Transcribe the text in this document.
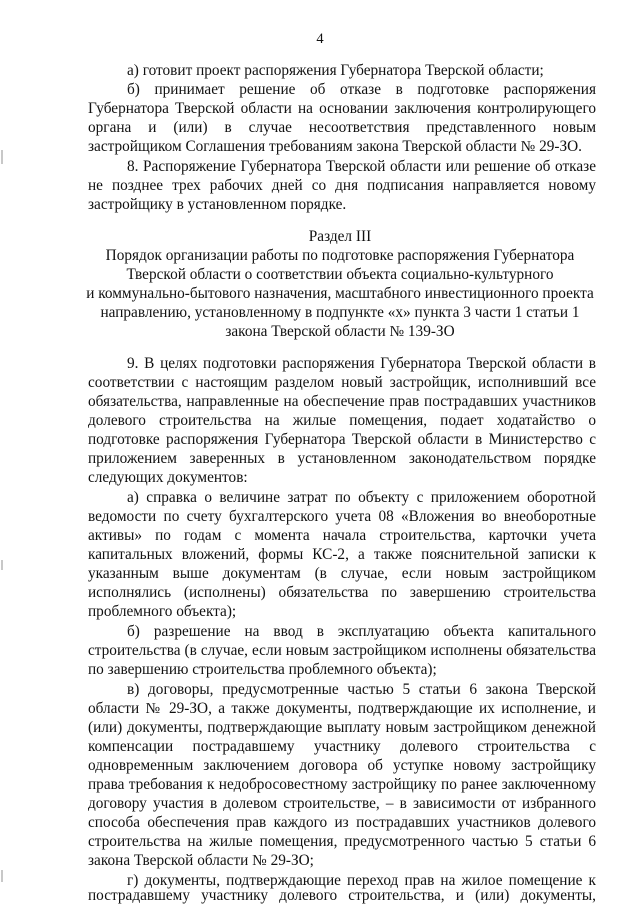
4
а) готовит проект распоряжения Губернатора Тверской области;
б) принимает решение об отказе в подготовке распоряжения
Губернатора Тверской области на основании заключения контролирующего
органа и (или) в случае несоответствия представленного новым
застройщиком Соглашения требованиям закона Тверской области № 29-ЗО.
8. Распоряжение Губернатора Тверской области или решение об отказе
не позднее трех рабочих дней со дня подписания направляется новому
застройщику в установленном порядке.
Раздел III
Порядок организации работы по подготовке распоряжения Губернатора
Тверской области о соответствии объекта социально-культурного
и коммунально-бытового назначения, масштабного инвестиционного проекта
направлению, установленному в подпункте «х» пункта 3 части 1 статьи 1
закона Тверской области № 139-ЗО
9. В целях подготовки распоряжения Губернатора Тверской области в
соответствии с настоящим разделом новый застройщик, исполнивший все
обязательства, направленные на обеспечение прав пострадавших участников
долевого строительства на жилые помещения, подает ходатайство о
подготовке распоряжения Губернатора Тверской области в Министерство с
приложением заверенных в установленном законодательством порядке
следующих документов:
а) справка о величине затрат по объекту с приложением оборотной
ведомости по счету бухгалтерского учета 08 «Вложения во внеоборотные
активы» по годам с момента начала строительства, карточки учета
капитальных вложений, формы КС-2, а также пояснительной записки к
указанным выше документам (в случае, если новым застройщиком
исполнялись (исполнены) обязательства по завершению строительства
проблемного объекта);
б) разрешение на ввод в эксплуатацию объекта капитального
строительства (в случае, если новым застройщиком исполнены обязательства
по завершению строительства проблемного объекта);
в) договоры, предусмотренные частью 5 статьи 6 закона Тверской
области № 29-ЗО, а также документы, подтверждающие их исполнение, и
(или) документы, подтверждающие выплату новым застройщиком денежной
компенсации пострадавшему участнику долевого строительства с
одновременным заключением договора об уступке новому застройщику
права требования к недобросовестному застройщику по ранее заключенному
договору участия в долевом строительстве, – в зависимости от избранного
способа обеспечения прав каждого из пострадавших участников долевого
строительства на жилые помещения, предусмотренного частью 5 статьи 6
закона Тверской области № 29-ЗО;
г) документы, подтверждающие переход прав на жилое помещение к
пострадавшему участнику долевого строительства, и (или) документы,
